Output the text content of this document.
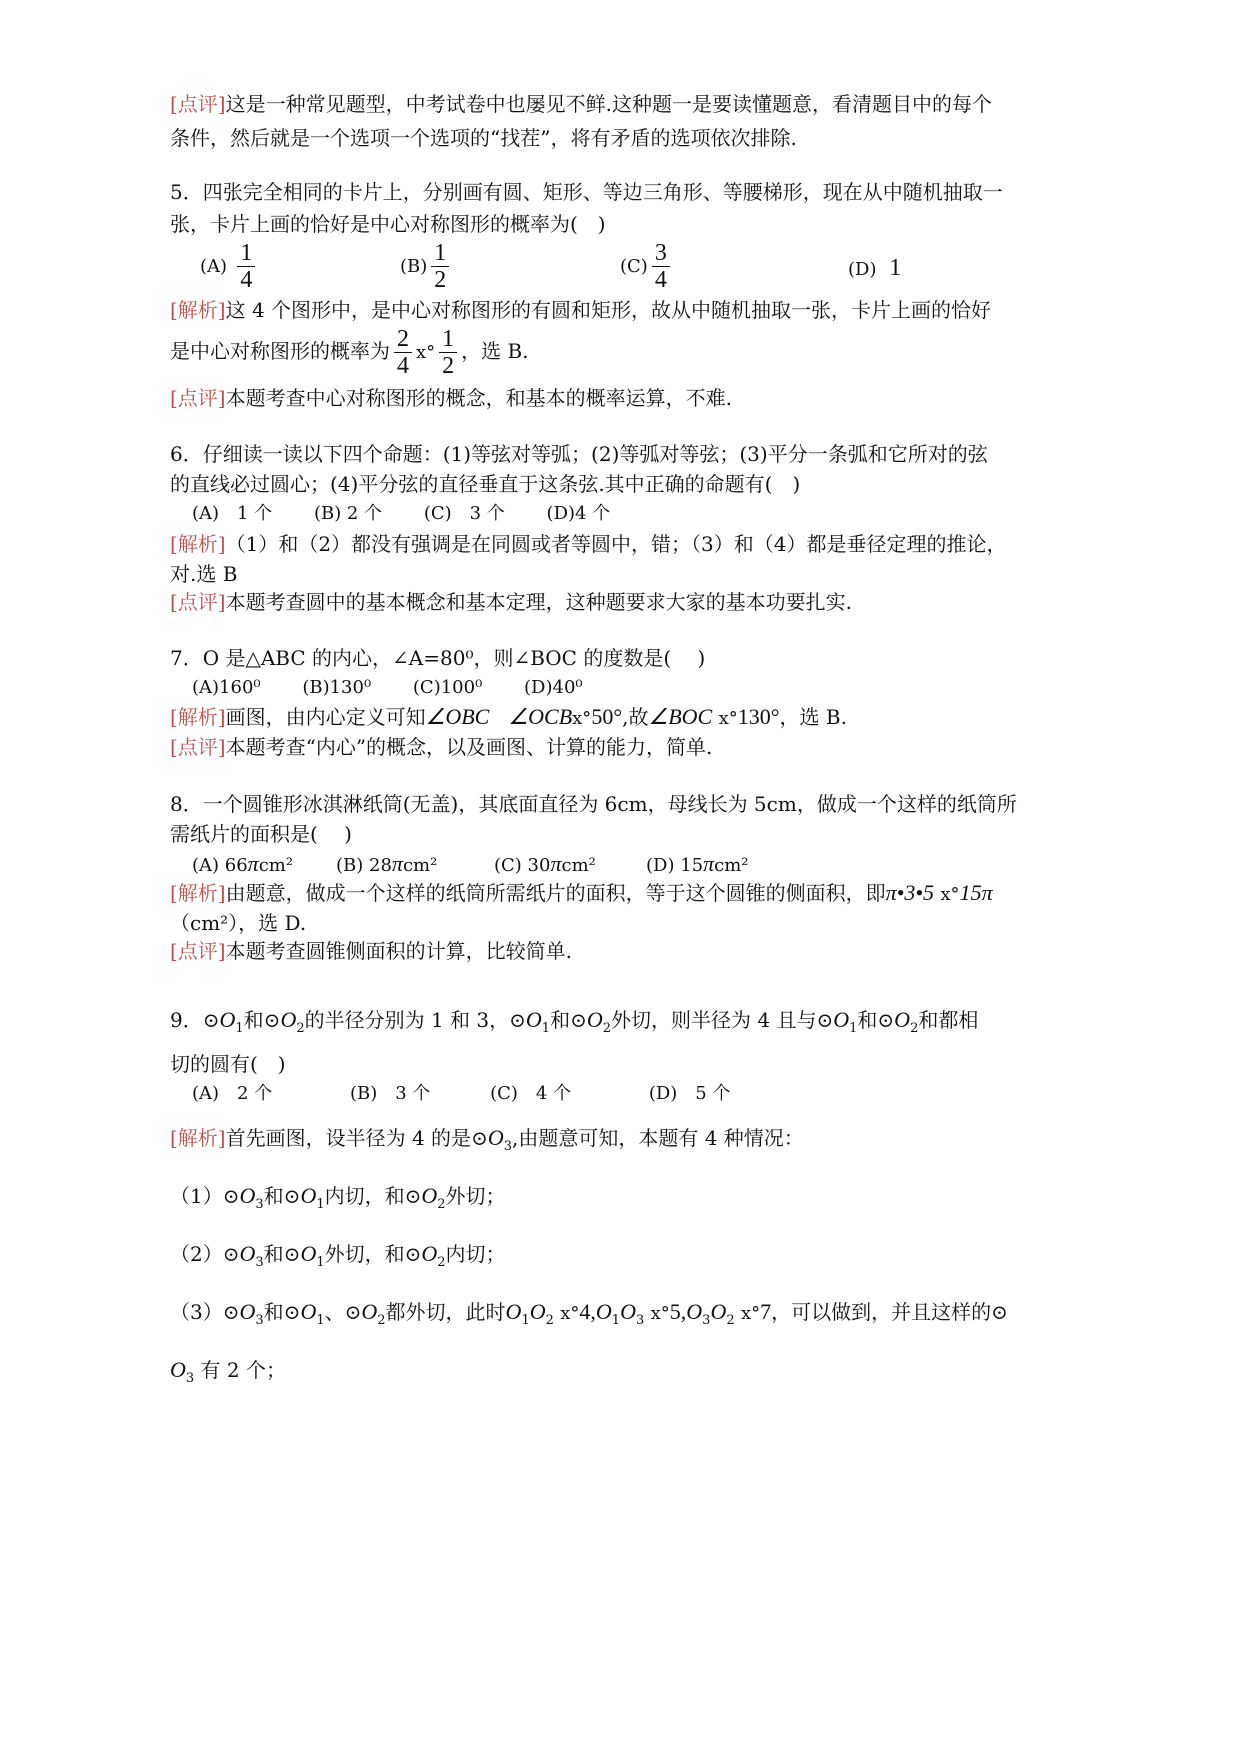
[点评]这是一种常见题型，中考试卷中也屡见不鲜.这种题一是要读懂题意，看清题目中的每个
条件，然后就是一个选项一个选项的“找茬”，将有矛盾的选项依次排除.
5．四张完全相同的卡片上，分别画有圆、矩形、等边三角形、等腰梯形，现在从中随机抽取一
张，卡片上画的恰好是中心对称图形的概率为(　)
$(A) \frac{1}{4}$	$(B) \frac{1}{2}$	$(C) \frac{3}{4}$	(D) 1
[解析]这 4 个图形中，是中心对称图形的有圆和矩形，故从中随机抽取一张，卡片上画的恰好
是中心对称图形的概率为 $\frac{2}{4}$ ⅹ° $\frac{1}{2}$ ，选 B.
[点评]本题考查中心对称图形的概念，和基本的概率运算，不难.
6．仔细读一读以下四个命题：(1)等弦对等弧；(2)等弧对等弦；(3)平分一条弧和它所对的弦
的直线必过圆心；(4)平分弦的直径垂直于这条弦.其中正确的命题有(　)
(A)　1 个　　 (B) 2 个　　 (C)　3 个　　 (D)4 个
[解析]（1）和（2）都没有强调是在同圆或者等圆中，错；（3）和（4）都是垂径定理的推论，
对.选 B
[点评]本题考查圆中的基本概念和基本定理，这种题要求大家的基本功要扎实.
7．O 是△ABC 的内心，∠A=80⁰，则∠BOC 的度数是(　 )
(A)160⁰　　 (B)130⁰　　 (C)100⁰　　 (D)40⁰
[解析]画图，由内心定义可知∠OBC ∠OCBⅹ°50°,故∠BOC ⅹ°130°，选 B.
[点评]本题考查“内心”的概念，以及画图、计算的能力，简单.
8．一个圆锥形冰淇淋纸筒(无盖)，其底面直径为 6cm，母线长为 5cm，做成一个这样的纸筒所
需纸片的面积是(　 )
(A) 66πcm² (B) 28πcm²	(C) 30πcm²	(D) 15πcm²
[解析]由题意，做成一个这样的纸筒所需纸片的面积，等于这个圆锥的侧面积，即π•3•5 ⅹ°15π
（cm²），选 D.
[点评]本题考查圆锥侧面积的计算，比较简单.
9．$⊙O_1$和$⊙O_2$的半径分别为 1 和 3，$⊙O_1$和$⊙O_2$外切，则半径为 4 且与$⊙O_1$和$⊙O_2$和都相
切的圆有(　)
(A)　2 个　　　　 (B)　3 个　　　 (C)　4 个　　　　 (D)　5 个
[解析]首先画图，设半径为 4 的是$⊙O_3$,由题意可知，本题有 4 种情况：
$(1)⊙O_3$和$⊙O_1$内切，和$⊙O_2$外切；
$(2)⊙O_3$和$⊙O_1$外切，和$⊙O_2$内切；
$(3)⊙O_3$和$⊙O_1$、$⊙O_2$都外切，此时$O_1O_2$ $ⅹ^\circ 4,O_1O_3$ $ⅹ^\circ 5,O_3O_2$ ⅹ°7，可以做到，并且这样的⊙
$O_3$ 有 2 个；
